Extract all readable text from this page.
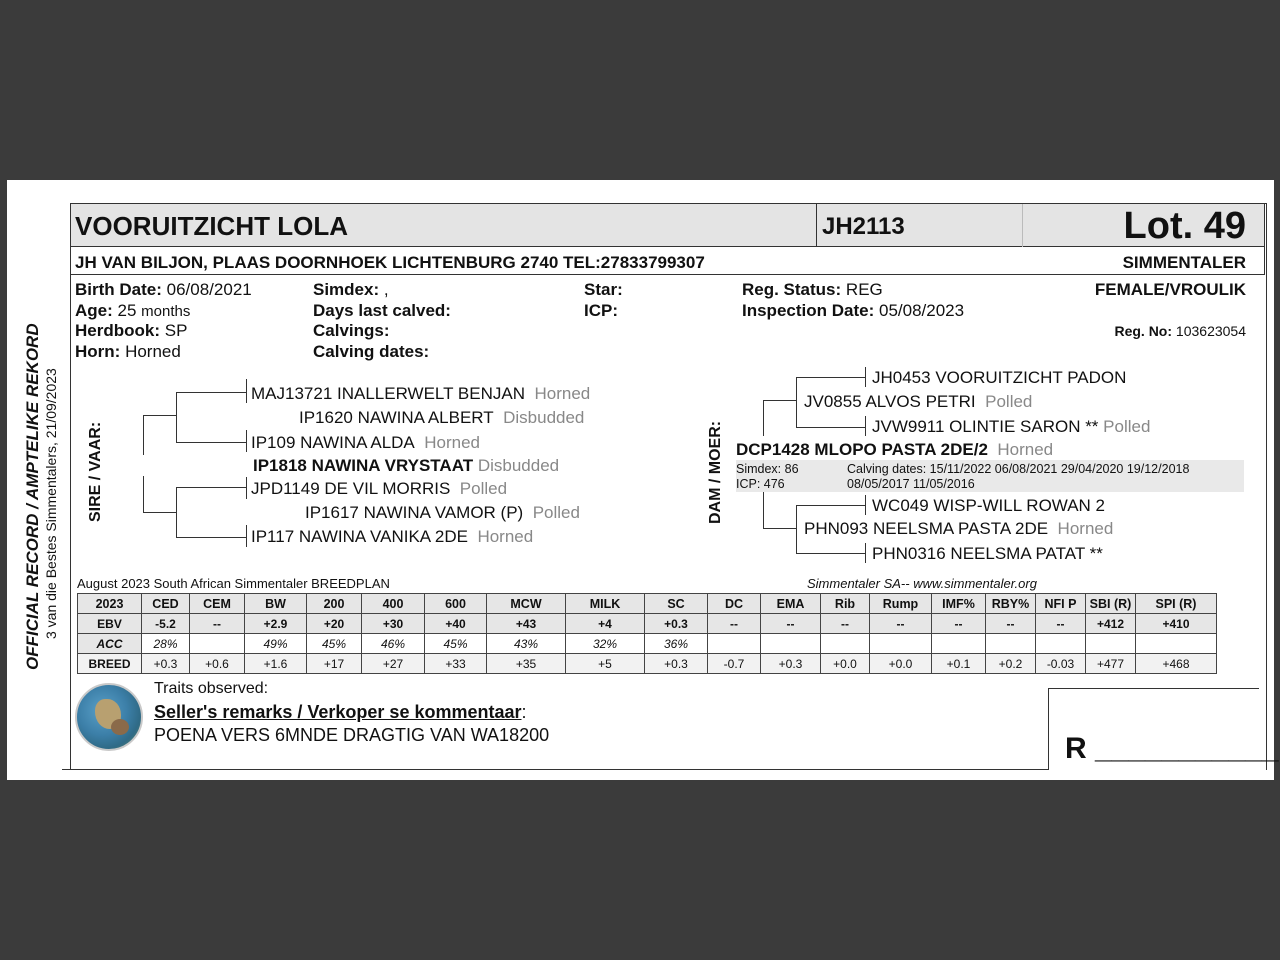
OFFICIAL RECORD / AMPTELIKE REKORD 3 van die Bestes Simmentalers, 21/09/2023
VOORUITZICHT LOLA	JH2113	Lot. 49
JH VAN BILJON, PLAAS DOORNHOEK LICHTENBURG 2740 TEL:27833799307	SIMMENTALER
Birth Date: 06/08/2021
Age: 25 months
Herdbook: SP
Horn: Horned
Simdex: ,
Days last calved:
Calvings:
Calving dates:
Star:
ICP:
Reg. Status: REG
Inspection Date: 05/08/2023
FEMALE/VROULIK
Reg. No: 103623054
SIRE / VAAR:
MAJ13721 INALLERWELT BENJAN Horned
IP1620 NAWINA ALBERT Disbudded
IP109 NAWINA ALDA Horned
IP1818 NAWINA VRYSTAAT Disbudded
JPD1149 DE VIL MORRIS Polled
IP1617 NAWINA VAMOR (P) Polled
IP117 NAWINA VANIKA 2DE Horned
DAM / MOER:
JH0453 VOORUITZICHT PADON
JV0855 ALVOS PETRI Polled
JVW9911 OLINTIE SARON ** Polled
DCP1428 MLOPO PASTA 2DE/2 Horned
Simdex: 86
ICP: 476
Calving dates: 15/11/2022 06/08/2021 29/04/2020 19/12/2018
08/05/2017 11/05/2016
WC049 WISP-WILL ROWAN 2
PHN093 NEELSMA PASTA 2DE Horned
PHN0316 NEELSMA PATAT **
August 2023 South African Simmentaler BREEDPLAN	Simmentaler SA-- www.simmentaler.org
2023	CED	CEM	BW	200	400	600	MCW	MILK	SC	DC	EMA	Rib	Rump	IMF%	RBY%	NFI P	SBI (R)	SPI (R)
EBV	-5.2	--	+2.9	+20	+30	+40	+43	+4	+0.3	--	--	--	--	--	--	--	+412	+410
ACC	28%		49%	45%	46%	45%	43%	32%	36%									
BREED	+0.3	+0.6	+1.6	+17	+27	+33	+35	+5	+0.3	-0.7	+0.3	+0.0	+0.0	+0.1	+0.2	-0.03	+477	+468
Traits observed:
Seller's remarks / Verkoper se kommentaar:
POENA VERS 6MNDE DRAGTIG VAN WA18200	R ___________
